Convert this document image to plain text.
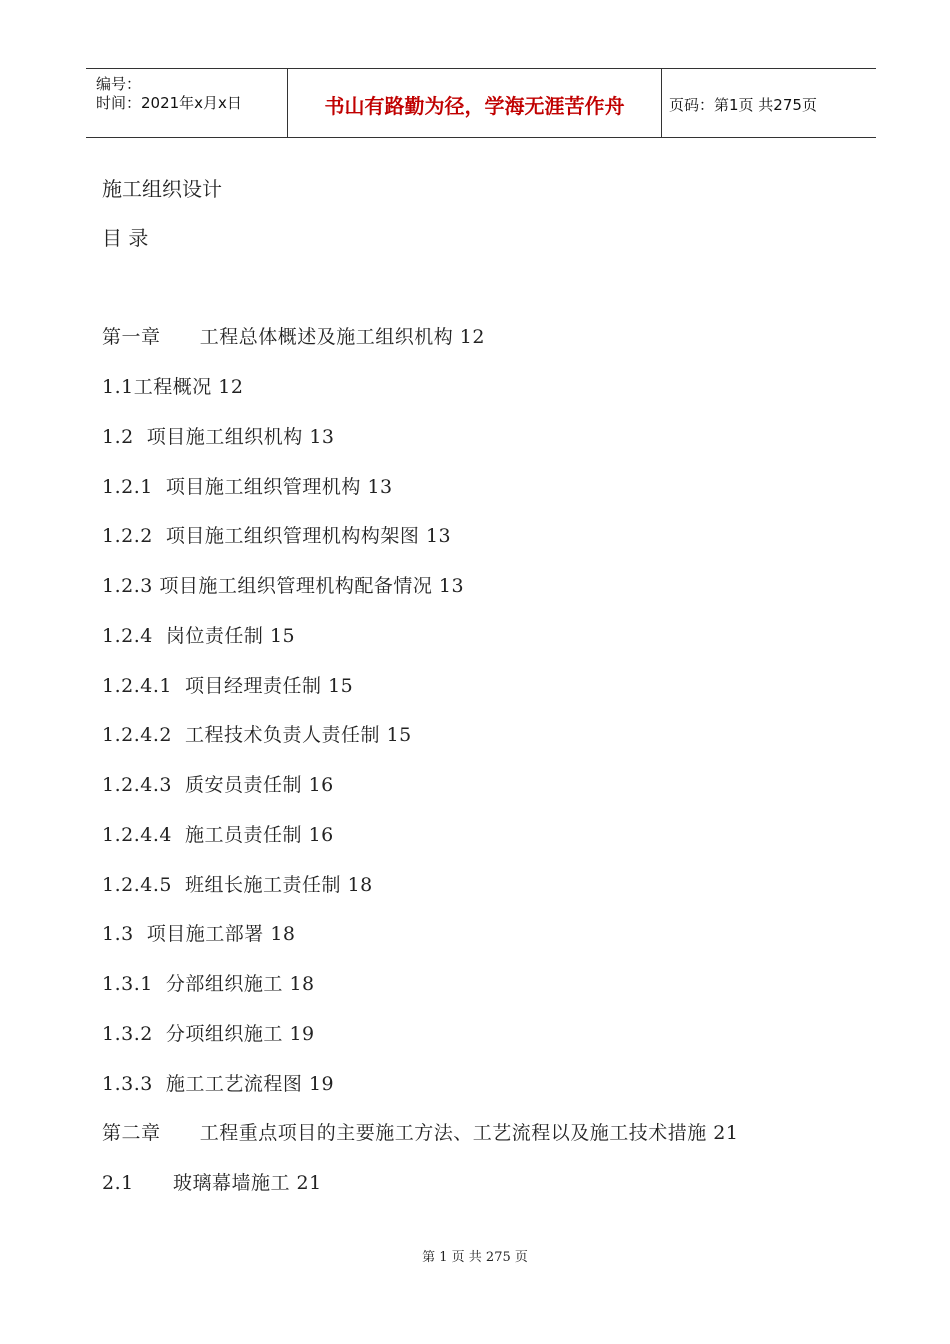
编号：
时间：2021年x月x日	书山有路勤为径，学海无涯苦作舟	页码：第1页 共275页
施工组织设计
目 录
第一章      工程总体概述及施工组织机构 12
1.1工程概况 12
1.2  项目施工组织机构 13
1.2.1  项目施工组织管理机构 13
1.2.2  项目施工组织管理机构构架图 13
1.2.3 项目施工组织管理机构配备情况 13
1.2.4  岗位责任制 15
1.2.4.1  项目经理责任制 15
1.2.4.2  工程技术负责人责任制 15
1.2.4.3  质安员责任制 16
1.2.4.4  施工员责任制 16
1.2.4.5  班组长施工责任制 18
1.3  项目施工部署 18
1.3.1  分部组织施工 18
1.3.2  分项组织施工 19
1.3.3  施工工艺流程图 19
第二章      工程重点项目的主要施工方法、工艺流程以及施工技术措施 21
2.1      玻璃幕墙施工 21
第 1 页 共 275 页
